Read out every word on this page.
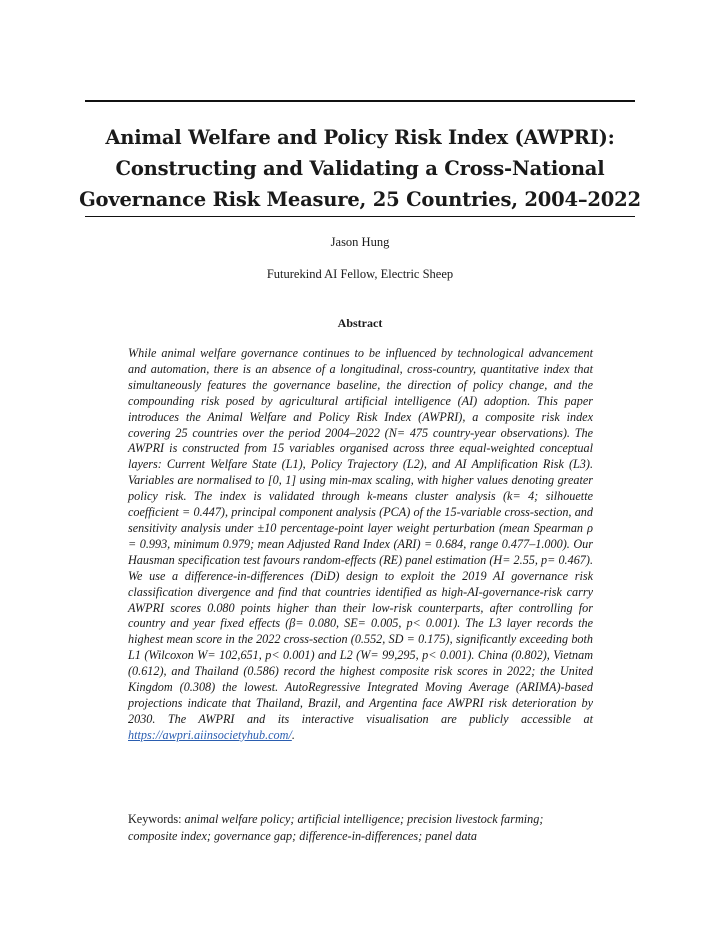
Animal Welfare and Policy Risk Index (AWPRI): Constructing and Validating a Cross-National Governance Risk Measure, 25 Countries, 2004–2022

Jason Hung

Futurekind AI Fellow, Electric Sheep

Abstract

While animal welfare governance continues to be influenced by technological advancement and automation, there is an absence of a longitudinal, cross-country, quantitative index that simultaneously features the governance baseline, the direction of policy change, and the compounding risk posed by agricultural artificial intelligence (AI) adoption. This paper introduces the Animal Welfare and Policy Risk Index (AWPRI), a composite risk index covering 25 countries over the period 2004–2022 (N= 475 country-year observations). The AWPRI is constructed from 15 variables organised across three equal-weighted conceptual layers: Current Welfare State (L1), Policy Trajectory (L2), and AI Amplification Risk (L3). Variables are normalised to [0, 1] using min-max scaling, with higher values denoting greater policy risk. The index is validated through k-means cluster analysis (k= 4; silhouette coefficient = 0.447), principal component analysis (PCA) of the 15-variable cross-section, and sensitivity analysis under ±10 percentage-point layer weight perturbation (mean Spearman ρ = 0.993, minimum 0.979; mean Adjusted Rand Index (ARI) = 0.684, range 0.477–1.000). Our Hausman specification test favours random-effects (RE) panel estimation (H= 2.55, p= 0.467). We use a difference-in-differences (DiD) design to exploit the 2019 AI governance risk classification divergence and find that countries identified as high-AI-governance-risk carry AWPRI scores 0.080 points higher than their low-risk counterparts, after controlling for country and year fixed effects (β= 0.080, SE= 0.005, p< 0.001). The L3 layer records the highest mean score in the 2022 cross-section (0.552, SD = 0.175), significantly exceeding both L1 (Wilcoxon W= 102,651, p< 0.001) and L2 (W= 99,295, p< 0.001). China (0.802), Vietnam (0.612), and Thailand (0.586) record the highest composite risk scores in 2022; the United Kingdom (0.308) the lowest. AutoRegressive Integrated Moving Average (ARIMA)-based projections indicate that Thailand, Brazil, and Argentina face AWPRI risk deterioration by 2030. The AWPRI and its interactive visualisation are publicly accessible at https://awpri.aiinsocietyhub.com/.

Keywords: animal welfare policy; artificial intelligence; precision livestock farming; composite index; governance gap; difference-in-differences; panel data
